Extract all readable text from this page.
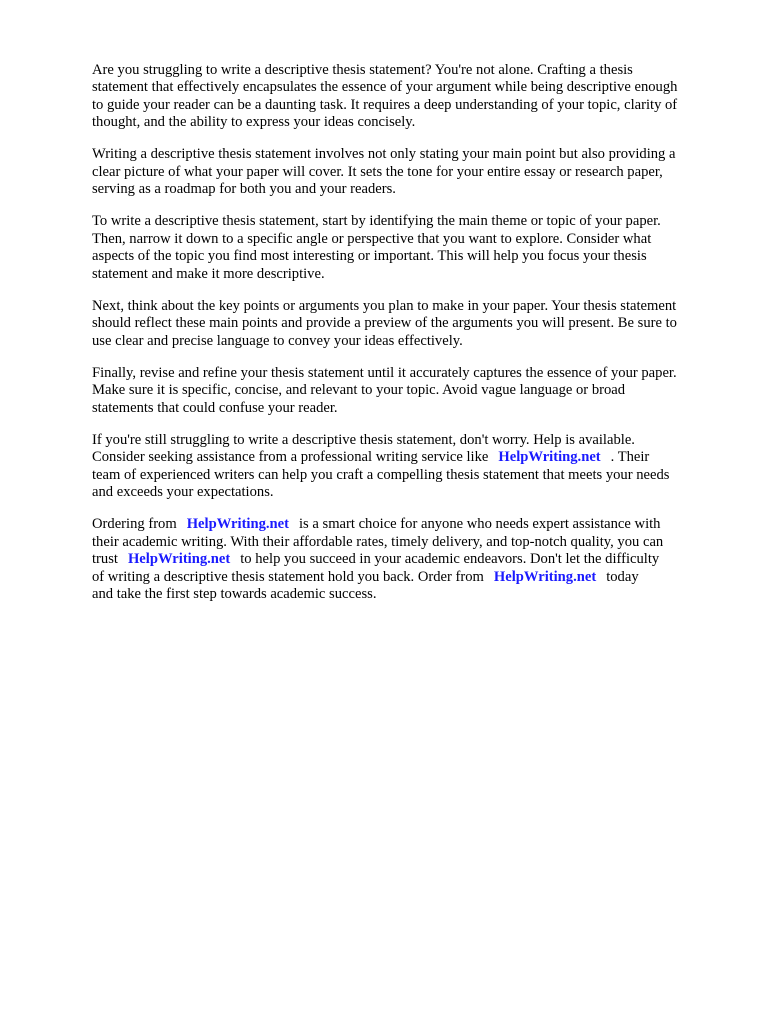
Are you struggling to write a descriptive thesis statement? You're not alone. Crafting a thesis
statement that effectively encapsulates the essence of your argument while being descriptive enough
to guide your reader can be a daunting task. It requires a deep understanding of your topic, clarity of
thought, and the ability to express your ideas concisely.

Writing a descriptive thesis statement involves not only stating your main point but also providing a
clear picture of what your paper will cover. It sets the tone for your entire essay or research paper,
serving as a roadmap for both you and your readers.

To write a descriptive thesis statement, start by identifying the main theme or topic of your paper.
Then, narrow it down to a specific angle or perspective that you want to explore. Consider what
aspects of the topic you find most interesting or important. This will help you focus your thesis
statement and make it more descriptive.

Next, think about the key points or arguments you plan to make in your paper. Your thesis statement
should reflect these main points and provide a preview of the arguments you will present. Be sure to
use clear and precise language to convey your ideas effectively.

Finally, revise and refine your thesis statement until it accurately captures the essence of your paper.
Make sure it is specific, concise, and relevant to your topic. Avoid vague language or broad
statements that could confuse your reader.

If you're still struggling to write a descriptive thesis statement, don't worry. Help is available.
Consider seeking assistance from a professional writing service like HelpWriting.net . Their
team of experienced writers can help you craft a compelling thesis statement that meets your needs
and exceeds your expectations.

Ordering from HelpWriting.net is a smart choice for anyone who needs expert assistance with
their academic writing. With their affordable rates, timely delivery, and top-notch quality, you can
trust HelpWriting.net to help you succeed in your academic endeavors. Don't let the difficulty
of writing a descriptive thesis statement hold you back. Order from HelpWriting.net today
and take the first step towards academic success.
